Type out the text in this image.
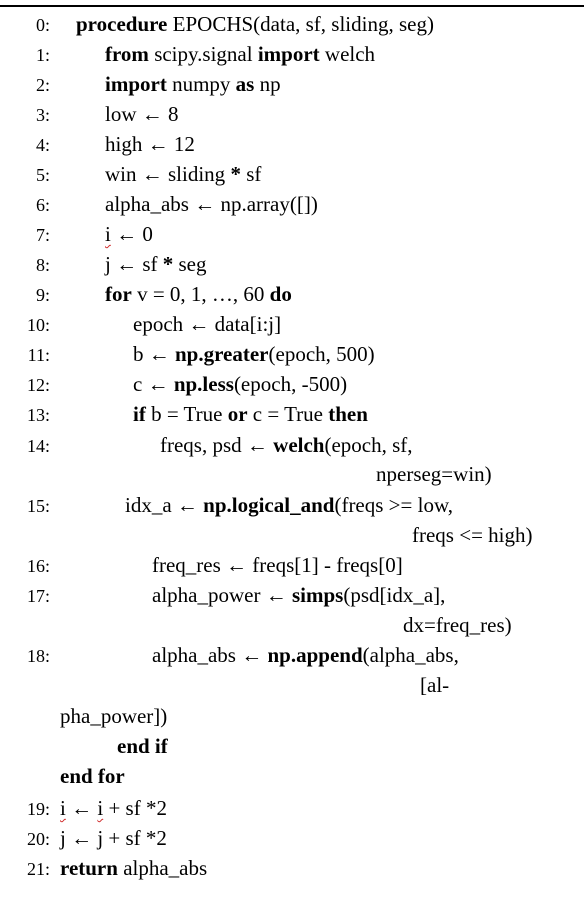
0: procedure EPOCHS(data, sf, sliding, seg)
1:	from scipy.signal import welch
2:	import numpy as np
3:	low ← 8
4:	high ← 12
5:	win ← sliding * sf
6:	alpha_abs ← np.array([])
7:	i ← 0
8:	j ← sf * seg
9:	for v = 0, 1, …, 60 do
10:	epoch ← data[i:j]
11:	b ← np.greater(epoch, 500)
12:	c ← np.less(epoch, -500)
13:	if b = True or c = True then
14:	freqs, psd ← welch(epoch, sf,
nperseg=win)
15:	idx_a ← np.logical_and(freqs >= low,
freqs <= high)
16:	freq_res ← freqs[1] - freqs[0]
17:	alpha_power ← simps(psd[idx_a],
dx=freq_res)
18:	alpha_abs ← np.append(alpha_abs,
[al-
pha_power])
end if
end for
19: i ← i + sf *2
20: j ← j + sf *2
21: return alpha_abs
